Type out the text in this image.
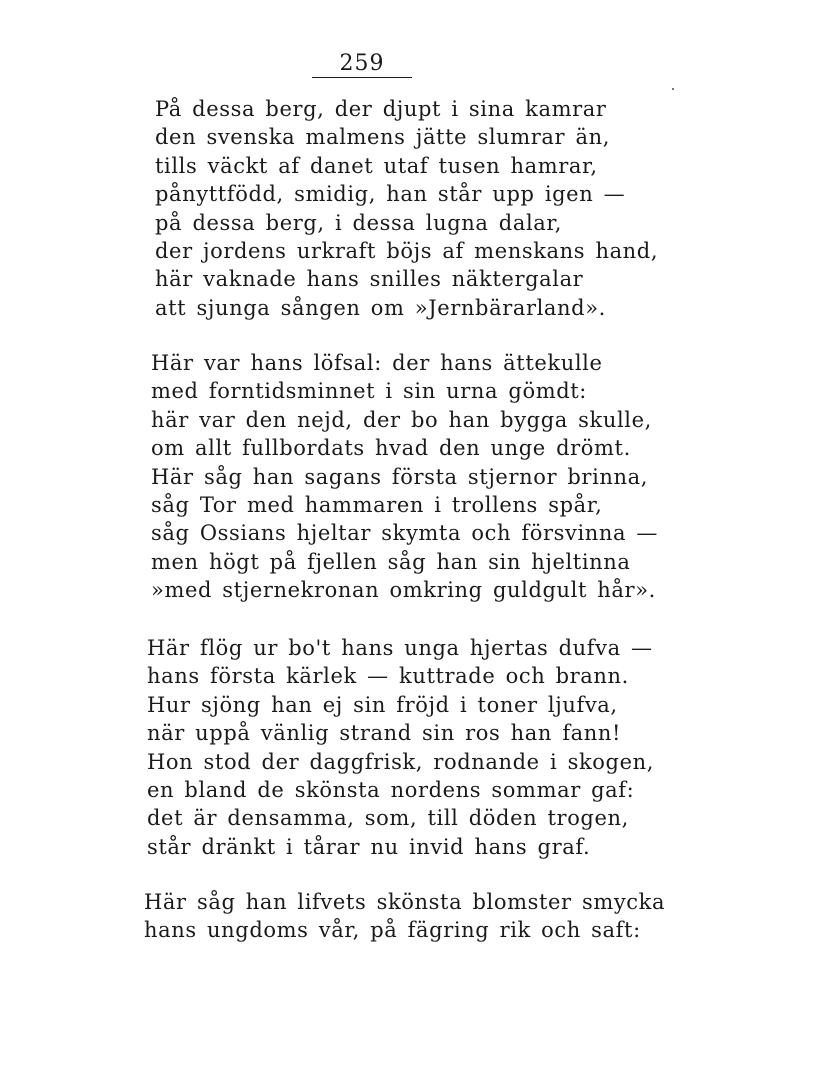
259
På dessa berg, der djupt i sina kamrar
den svenska malmens jätte slumrar än,
tills väckt af danet utaf tusen hamrar,
pånyttfödd, smidig, han står upp igen —
på dessa berg, i dessa lugna dalar,
der jordens urkraft böjs af menskans hand,
här vaknade hans snilles näktergalar
att sjunga sången om »Jernbärarland».
Här var hans löfsal: der hans ättekulle
med forntidsminnet i sin urna gömdt:
här var den nejd, der bo han bygga skulle,
om allt fullbordats hvad den unge drömt.
Här såg han sagans första stjernor brinna,
såg Tor med hammaren i trollens spår,
såg Ossians hjeltar skymta och försvinna —
men högt på fjellen såg han sin hjeltinna
»med stjernekronan omkring guldgult hår».
Här flög ur bo't hans unga hjertas dufva —
hans första kärlek — kuttrade och brann.
Hur sjöng han ej sin fröjd i toner ljufva,
när uppå vänlig strand sin ros han fann!
Hon stod der daggfrisk, rodnande i skogen,
en bland de skönsta nordens sommar gaf:
det är densamma, som, till döden trogen,
står dränkt i tårar nu invid hans graf.
Här såg han lifvets skönsta blomster smycka
hans ungdoms vår, på fägring rik och saft:
